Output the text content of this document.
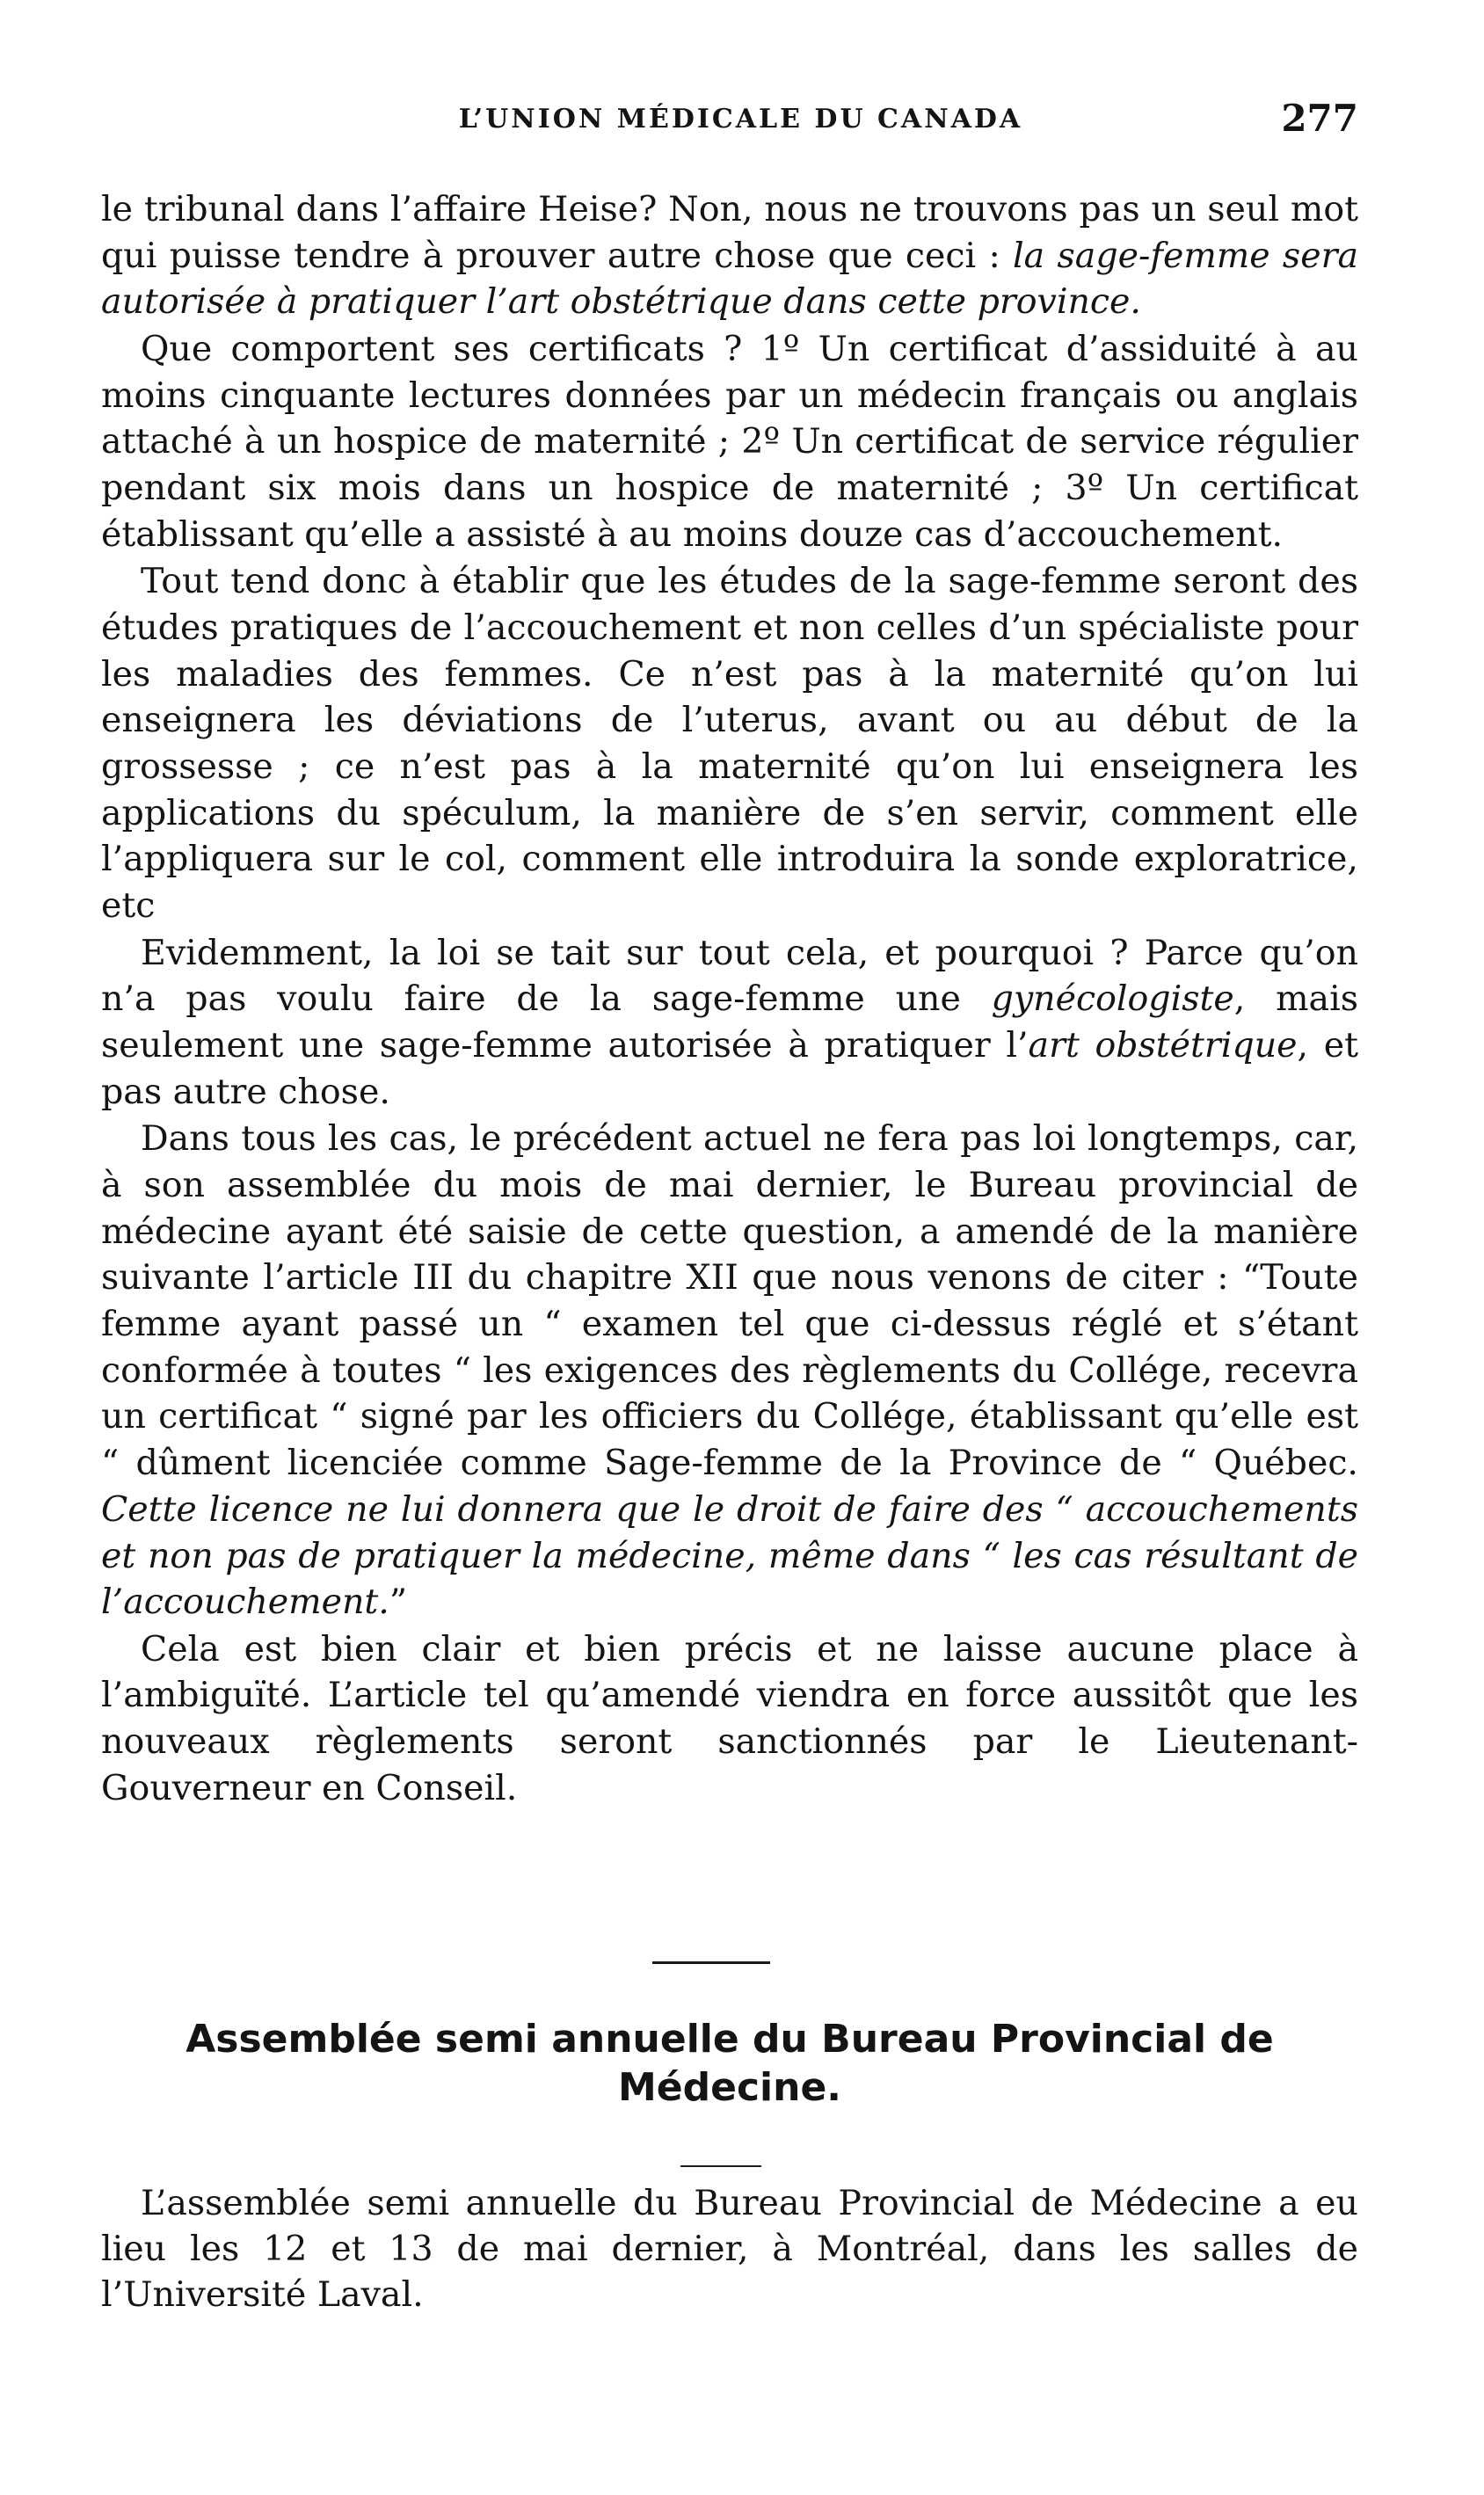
L’UNION MÉDICALE DU CANADA	277

le tribunal dans l’affaire Heise? Non, nous ne trouvons pas un seul mot qui puisse tendre à prouver autre chose que ceci : la sage-femme sera autorisée à pratiquer l’art obstétrique dans cette province.

Que comportent ses certificats ? 1º Un certificat d’assiduité à au moins cinquante lectures données par un médecin français ou anglais attaché à un hospice de maternité ; 2º Un certificat de service régulier pendant six mois dans un hospice de maternité ; 3º Un certificat établissant qu’elle a assisté à au moins douze cas d’accouchement.

Tout tend donc à établir que les études de la sage-femme seront des études pratiques de l’accouchement et non celles d’un spécialiste pour les maladies des femmes. Ce n’est pas à la maternité qu’on lui enseignera les déviations de l’uterus, avant ou au début de la grossesse ; ce n’est pas à la maternité qu’on lui enseignera les applications du spéculum, la manière de s’en servir, comment elle l’appliquera sur le col, comment elle introduira la sonde exploratrice, etc

Evidemment, la loi se tait sur tout cela, et pourquoi ? Parce qu’on n’a pas voulu faire de la sage-femme une gynécologiste, mais seulement une sage-femme autorisée à pratiquer l’art obstétrique, et pas autre chose.

Dans tous les cas, le précédent actuel ne fera pas loi longtemps, car, à son assemblée du mois de mai dernier, le Bureau provincial de médecine ayant été saisie de cette question, a amendé de la manière suivante l’article III du chapitre XII que nous venons de citer : “Toute femme ayant passé un “ examen tel que ci-dessus réglé et s’étant conformée à toutes “ les exigences des règlements du Collége, recevra un certificat “ signé par les officiers du Collége, établissant qu’elle est “ dûment licenciée comme Sage-femme de la Province de “ Québec. Cette licence ne lui donnera que le droit de faire des “ accouchements et non pas de pratiquer la médecine, même dans “ les cas résultant de l’accouchement.”

Cela est bien clair et bien précis et ne laisse aucune place à l’ambiguïté. L’article tel qu’amendé viendra en force aussitôt que les nouveaux règlements seront sanctionnés par le Lieutenant-Gouverneur en Conseil.

Assemblée semi annuelle du Bureau Provincial de Médecine.

L’assemblée semi annuelle du Bureau Provincial de Médecine a eu lieu les 12 et 13 de mai dernier, à Montréal, dans les salles de l’Université Laval.
